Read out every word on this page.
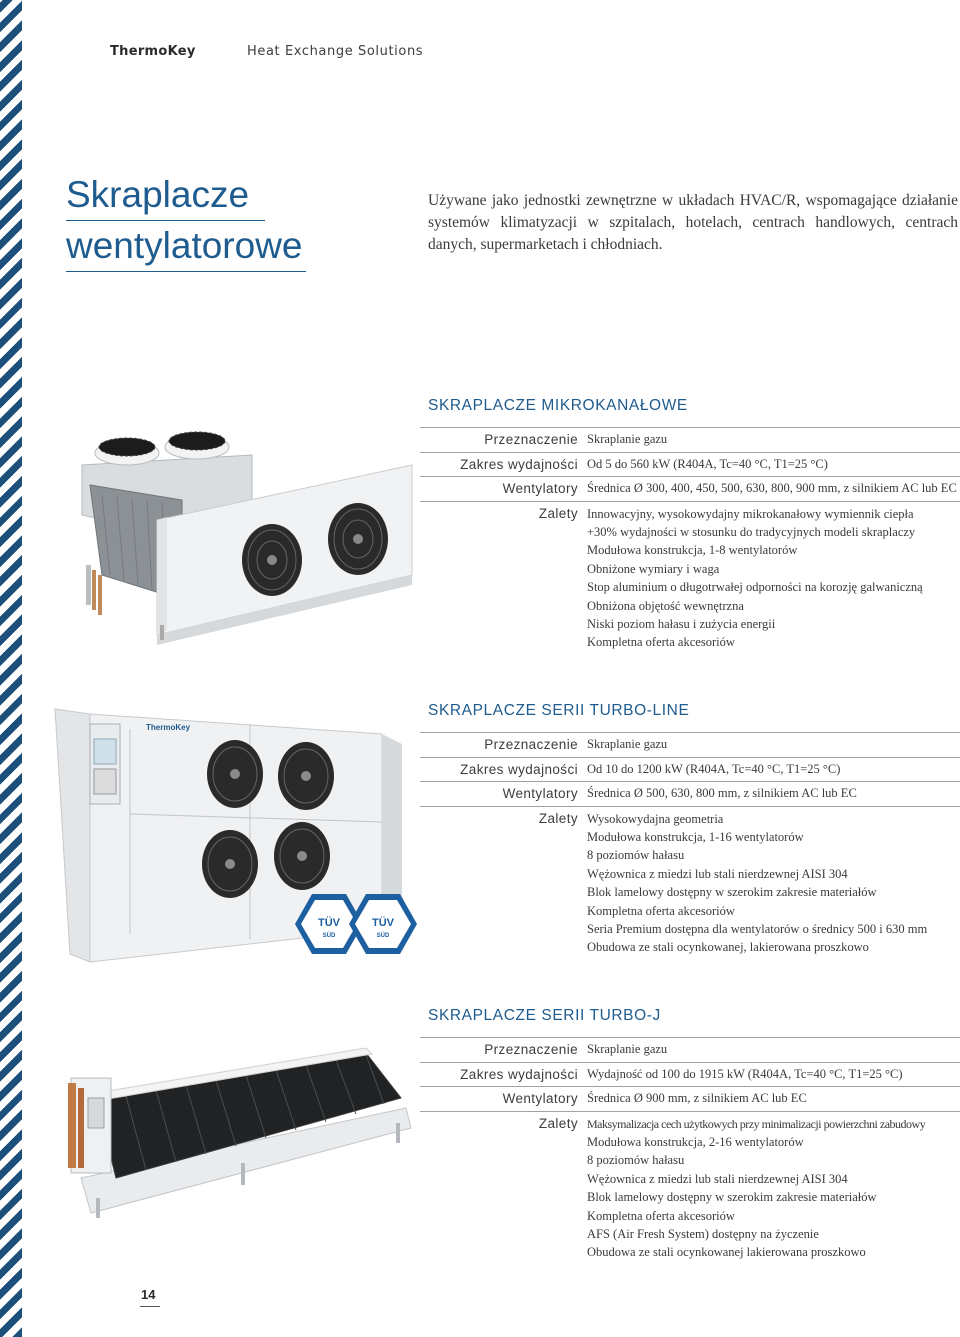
ThermoKey	Heat Exchange Solutions
Skraplacze
wentylatorowe
Używane jako jednostki zewnętrzne w układach HVAC/R, wspomagające działanie systemów klimatyzacji w szpitalach, hotelach, centrach handlowych, centrach danych, supermarketach i chłodniach.
SKRAPLACZE MIKROKANAŁOWE
Przeznaczenie Skraplanie gazu
Zakres wydajności Od 5 do 560 kW (R404A, Tc=40 °C, T1=25 °C)
Wentylatory Średnica Ø 300, 400, 450, 500, 630, 800, 900 mm, z silnikiem AC lub EC
Zalety Innowacyjny, wysokowydajny mikrokanałowy wymiennik ciepła
+30% wydajności w stosunku do tradycyjnych modeli skraplaczy
Modułowa konstrukcja, 1-8 wentylatorów
Obniżone wymiary i waga
Stop aluminium o długotrwałej odporności na korozję galwaniczną
Obniżona objętość wewnętrzna
Niski poziom hałasu i zużycia energii
Kompletna oferta akcesoriów
ThermoKey
TÜV
SÜD
TÜV
SÜD
SKRAPLACZE SERII TURBO-LINE
Przeznaczenie Skraplanie gazu
Zakres wydajności Od 10 do 1200 kW (R404A, Tc=40 °C, T1=25 °C)
Wentylatory Średnica Ø 500, 630, 800 mm, z silnikiem AC lub EC
Zalety Wysokowydajna geometria
Modułowa konstrukcja, 1-16 wentylatorów
8 poziomów hałasu
Wężownica z miedzi lub stali nierdzewnej AISI 304
Blok lamelowy dostępny w szerokim zakresie materiałów
Kompletna oferta akcesoriów
Seria Premium dostępna dla wentylatorów o średnicy 500 i 630 mm
Obudowa ze stali ocynkowanej, lakierowana proszkowo
SKRAPLACZE SERII TURBO-J
Przeznaczenie Skraplanie gazu
Zakres wydajności Wydajność od 100 do 1915 kW (R404A, Tc=40 °C, T1=25 °C)
Wentylatory Średnica Ø 900 mm, z silnikiem AC lub EC
Zalety Maksymalizacja cech użytkowych przy minimalizacji powierzchni zabudowy
Modułowa konstrukcja, 2-16 wentylatorów
8 poziomów hałasu
Wężownica z miedzi lub stali nierdzewnej AISI 304
Blok lamelowy dostępny w szerokim zakresie materiałów
Kompletna oferta akcesoriów
AFS (Air Fresh System) dostępny na życzenie
Obudowa ze stali ocynkowanej lakierowana proszkowo
14
